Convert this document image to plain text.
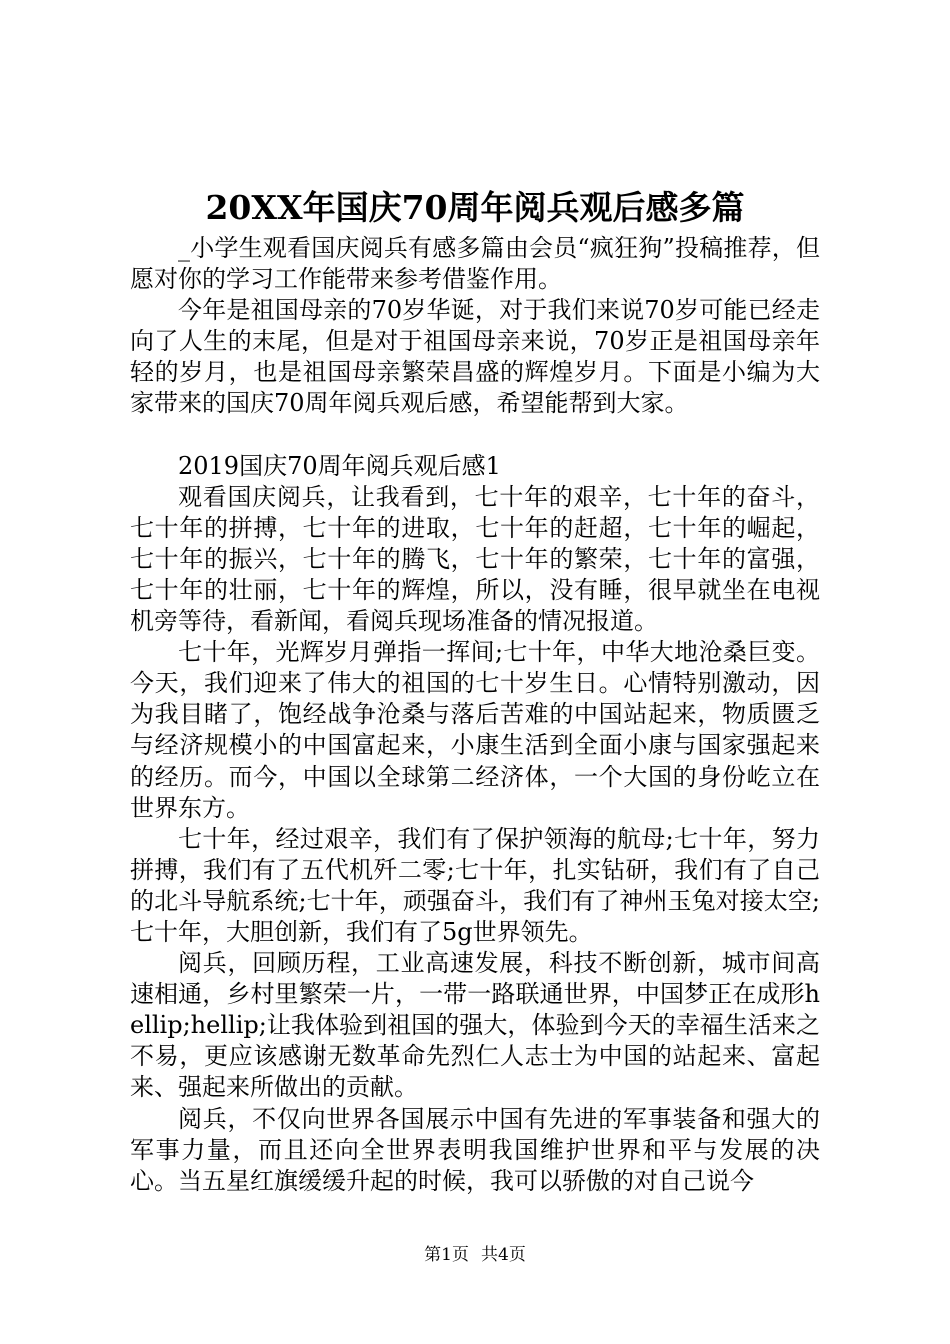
20XX年国庆70周年阅兵观后感多篇

_小学生观看国庆阅兵有感多篇由会员“疯狂狗”投稿推荐，但愿对你的学习工作能带来参考借鉴作用。

今年是祖国母亲的70岁华诞，对于我们来说70岁可能已经走向了人生的末尾，但是对于祖国母亲来说，70岁正是祖国母亲年轻的岁月，也是祖国母亲繁荣昌盛的辉煌岁月。下面是小编为大家带来的国庆70周年阅兵观后感，希望能帮到大家。

2019国庆70周年阅兵观后感1

观看国庆阅兵，让我看到，七十年的艰辛，七十年的奋斗，七十年的拼搏，七十年的进取，七十年的赶超，七十年的崛起，七十年的振兴，七十年的腾飞，七十年的繁荣，七十年的富强，七十年的壮丽，七十年的辉煌，所以，没有睡，很早就坐在电视机旁等待，看新闻，看阅兵现场准备的情况报道。

七十年，光辉岁月弹指一挥间;七十年，中华大地沧桑巨变。今天，我们迎来了伟大的祖国的七十岁生日。心情特别激动，因为我目睹了，饱经战争沧桑与落后苦难的中国站起来，物质匮乏与经济规模小的中国富起来，小康生活到全面小康与国家强起来的经历。而今，中国以全球第二经济体，一个大国的身份屹立在世界东方。

七十年，经过艰辛，我们有了保护领海的航母;七十年，努力拼搏，我们有了五代机歼二零;七十年，扎实钻研，我们有了自己的北斗导航系统;七十年，顽强奋斗，我们有了神州玉兔对接太空;七十年，大胆创新，我们有了5g世界领先。

阅兵，回顾历程，工业高速发展，科技不断创新，城市间高速相通，乡村里繁荣一片，一带一路联通世界，中国梦正在成形hellip;hellip;让我体验到祖国的强大，体验到今天的幸福生活来之不易，更应该感谢无数革命先烈仁人志士为中国的站起来、富起来、强起来所做出的贡献。

阅兵，不仅向世界各国展示中国有先进的军事装备和强大的军事力量，而且还向全世界表明我国维护世界和平与发展的决心。当五星红旗缓缓升起的时候，我可以骄傲的对自己说今

第1页 共4页
